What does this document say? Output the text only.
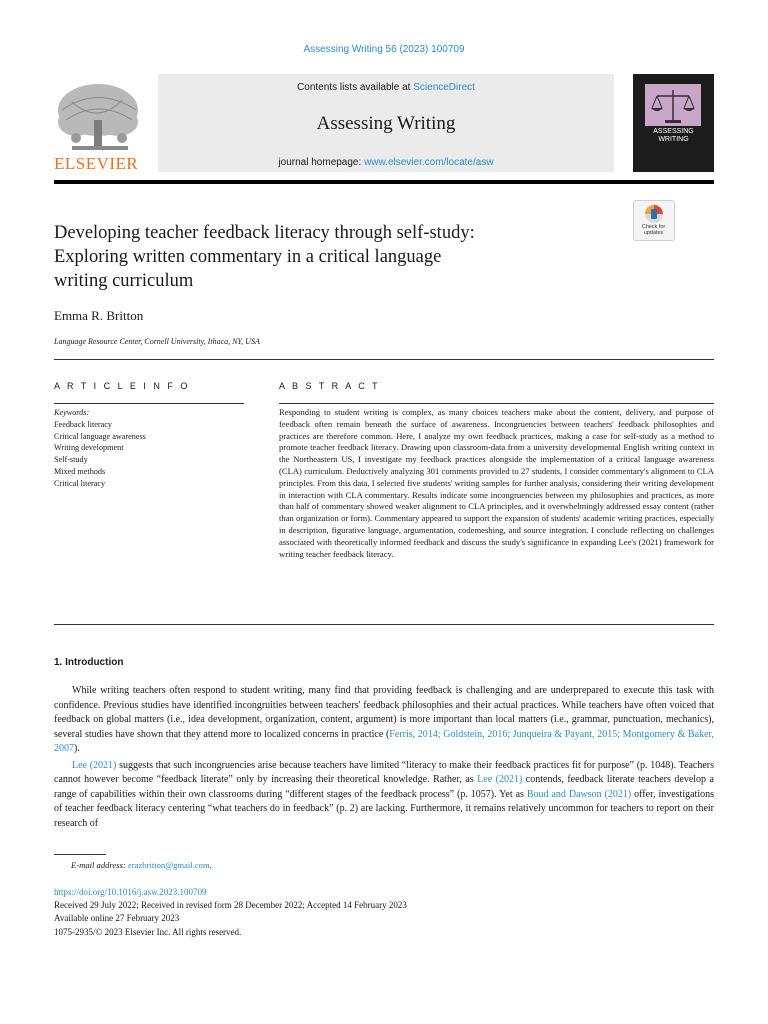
Assessing Writing 56 (2023) 100709
ELSEVIER
Contents lists available at ScienceDirect
Assessing Writing
journal homepage: www.elsevier.com/locate/asw
ASSESSING
WRITING
Check for
updates
Developing teacher feedback literacy through self-study:
Exploring written commentary in a critical language
writing curriculum
Emma R. Britton
Language Resource Center, Cornell University, Ithaca, NY, USA
A R T I C L E I N F O	A B S T R A C T
Keywords:
Feedback literacy
Critical language awareness
Writing development
Self-study
Mixed methods
Critical literacy
Responding to student writing is complex, as many choices teachers make about the content, delivery, and purpose of feedback often remain beneath the surface of awareness. Incongruencies between teachers' feedback philosophies and practices are therefore common. Here, I analyze my own feedback practices, making a case for self-study as a method to promote teacher feedback literacy. Drawing upon classroom-data from a university developmental English writing context in the Northeastern US, I investigate my feedback practices alongside the implementation of a critical language awareness (CLA) curriculum. Deductively analyzing 301 comments provided to 27 students, I consider commentary's alignment to CLA principles. From this data, I selected five students' writing samples for further analysis, considering their writing development in interaction with CLA commentary. Results indicate some incongruencies between my philosophies and practices, as more than half of commentary showed weaker alignment to CLA principles, and it overwhelmingly addressed essay content (rather than organization or form). Commentary appeared to support the expansion of students' academic writing practices, especially in description, figurative language, argumentation, codemeshing, and source integration. I conclude reflecting on challenges associated with theoretically informed feedback and discuss the study's significance in expanding Lee's (2021) framework for writing teacher feedback literacy.
1. Introduction

While writing teachers often respond to student writing, many find that providing feedback is challenging and are underprepared to execute this task with confidence. Previous studies have identified incongruities between teachers' feedback philosophies and their actual practices. While teachers have often voiced that feedback on global matters (i.e., idea development, organization, content, argument) is more important than local matters (i.e., grammar, punctuation, mechanics), several studies have shown that they attend more to localized concerns in practice (Ferris, 2014; Goldstein, 2016; Junqueira & Payant, 2015; Montgomery & Baker, 2007).

Lee (2021) suggests that such incongruencies arise because teachers have limited “literacy to make their feedback practices fit for purpose” (p. 1048). Teachers cannot however become “feedback literate” only by increasing their theoretical knowledge. Rather, as Lee (2021) contends, feedback literate teachers develop a range of capabilities within their own classrooms during “different stages of the feedback process” (p. 1057). Yet as Boud and Dawson (2021) offer, investigations of teacher feedback literacy centering “what teachers do in feedback” (p. 2) are lacking. Furthermore, it remains relatively uncommon for teachers to report on their research of

E-mail address: erazbritton@gmail.com.
https://doi.org/10.1016/j.asw.2023.100709
Received 29 July 2022; Received in revised form 28 December 2022; Accepted 14 February 2023
Available online 27 February 2023
1075-2935/© 2023 Elsevier Inc. All rights reserved.
